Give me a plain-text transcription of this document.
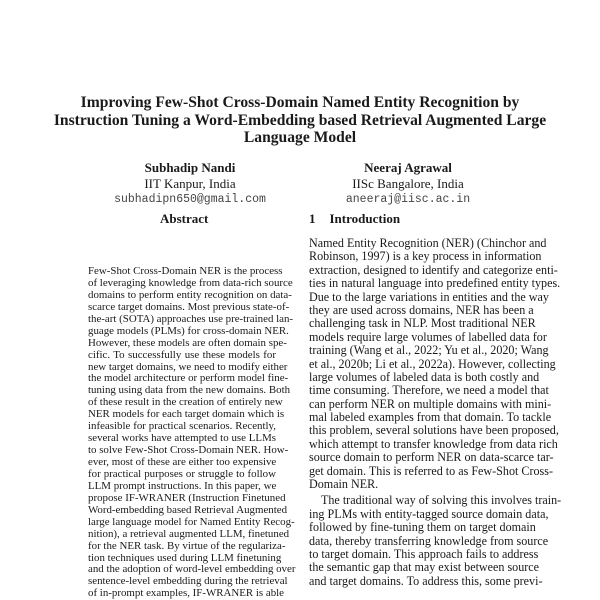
Improving Few-Shot Cross-Domain Named Entity Recognition by
Instruction Tuning a Word-Embedding based Retrieval Augmented Large
Language Model
Subhadip Nandi
IIT Kanpur, India
subhadipn650@gmail.com
Neeraj Agrawal
IISc Bangalore, India
aneeraj@iisc.ac.in
Abstract	1 Introduction
Few-Shot Cross-Domain NER is the process
of leveraging knowledge from data-rich source
domains to perform entity recognition on data-
scarce target domains. Most previous state-of-
the-art (SOTA) approaches use pre-trained lan-
guage models (PLMs) for cross-domain NER.
However, these models are often domain spe-
cific. To successfully use these models for
new target domains, we need to modify either
the model architecture or perform model fine-
tuning using data from the new domains. Both
of these result in the creation of entirely new
NER models for each target domain which is
infeasible for practical scenarios. Recently,
several works have attempted to use LLMs
to solve Few-Shot Cross-Domain NER. How-
ever, most of these are either too expensive
for practical purposes or struggle to follow
LLM prompt instructions. In this paper, we
propose IF-WRANER (Instruction Finetuned
Word-embedding based Retrieval Augmented
large language model for Named Entity Recog-
nition), a retrieval augmented LLM, finetuned
for the NER task. By virtue of the regulariza-
tion techniques used during LLM finetuning
and the adoption of word-level embedding over
sentence-level embedding during the retrieval
of in-prompt examples, IF-WRANER is able
Named Entity Recognition (NER) (Chinchor and
Robinson, 1997) is a key process in information
extraction, designed to identify and categorize enti-
ties in natural language into predefined entity types.
Due to the large variations in entities and the way
they are used across domains, NER has been a
challenging task in NLP. Most traditional NER
models require large volumes of labelled data for
training (Wang et al., 2022; Yu et al., 2020; Wang
et al., 2020b; Li et al., 2022a). However, collecting
large volumes of labeled data is both costly and
time consuming. Therefore, we need a model that
can perform NER on multiple domains with mini-
mal labeled examples from that domain. To tackle
this problem, several solutions have been proposed,
which attempt to transfer knowledge from data rich
source domain to perform NER on data-scarce tar-
get domain. This is referred to as Few-Shot Cross-
Domain NER.
The traditional way of solving this involves train-
ing PLMs with entity-tagged source domain data,
followed by fine-tuning them on target domain
data, thereby transferring knowledge from source
to target domain. This approach fails to address
the semantic gap that may exist between source
and target domains. To address this, some previ-
